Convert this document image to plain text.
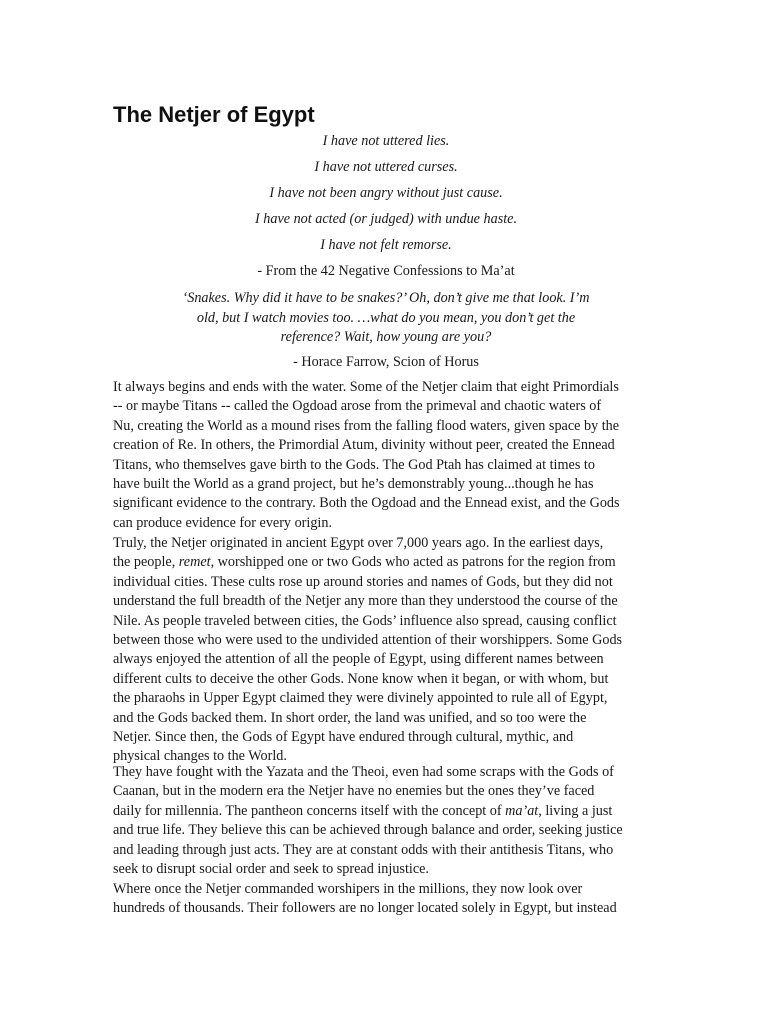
The Netjer of Egypt
I have not uttered lies.
I have not uttered curses.
I have not been angry without just cause.
I have not acted (or judged) with undue haste.
I have not felt remorse.
- From the 42 Negative Confessions to Ma’at
‘Snakes. Why did it have to be snakes?’ Oh, don’t give me that look. I’m
old, but I watch movies too. …what do you mean, you don’t get the
reference? Wait, how young are you?
- Horace Farrow, Scion of Horus
It always begins and ends with the water. Some of the Netjer claim that eight Primordials
-- or maybe Titans -- called the Ogdoad arose from the primeval and chaotic waters of
Nu, creating the World as a mound rises from the falling flood waters, given space by the
creation of Re. In others, the Primordial Atum, divinity without peer, created the Ennead
Titans, who themselves gave birth to the Gods. The God Ptah has claimed at times to
have built the World as a grand project, but he’s demonstrably young...though he has
significant evidence to the contrary. Both the Ogdoad and the Ennead exist, and the Gods
can produce evidence for every origin.
Truly, the Netjer originated in ancient Egypt over 7,000 years ago. In the earliest days,
the people, remet, worshipped one or two Gods who acted as patrons for the region from
individual cities. These cults rose up around stories and names of Gods, but they did not
understand the full breadth of the Netjer any more than they understood the course of the
Nile. As people traveled between cities, the Gods’ influence also spread, causing conflict
between those who were used to the undivided attention of their worshippers. Some Gods
always enjoyed the attention of all the people of Egypt, using different names between
different cults to deceive the other Gods. None know when it began, or with whom, but
the pharaohs in Upper Egypt claimed they were divinely appointed to rule all of Egypt,
and the Gods backed them. In short order, the land was unified, and so too were the
Netjer. Since then, the Gods of Egypt have endured through cultural, mythic, and
physical changes to the World.
They have fought with the Yazata and the Theoi, even had some scraps with the Gods of
Caanan, but in the modern era the Netjer have no enemies but the ones they’ve faced
daily for millennia. The pantheon concerns itself with the concept of ma’at, living a just
and true life. They believe this can be achieved through balance and order, seeking justice
and leading through just acts. They are at constant odds with their antithesis Titans, who
seek to disrupt social order and seek to spread injustice.
Where once the Netjer commanded worshipers in the millions, they now look over
hundreds of thousands. Their followers are no longer located solely in Egypt, but instead
